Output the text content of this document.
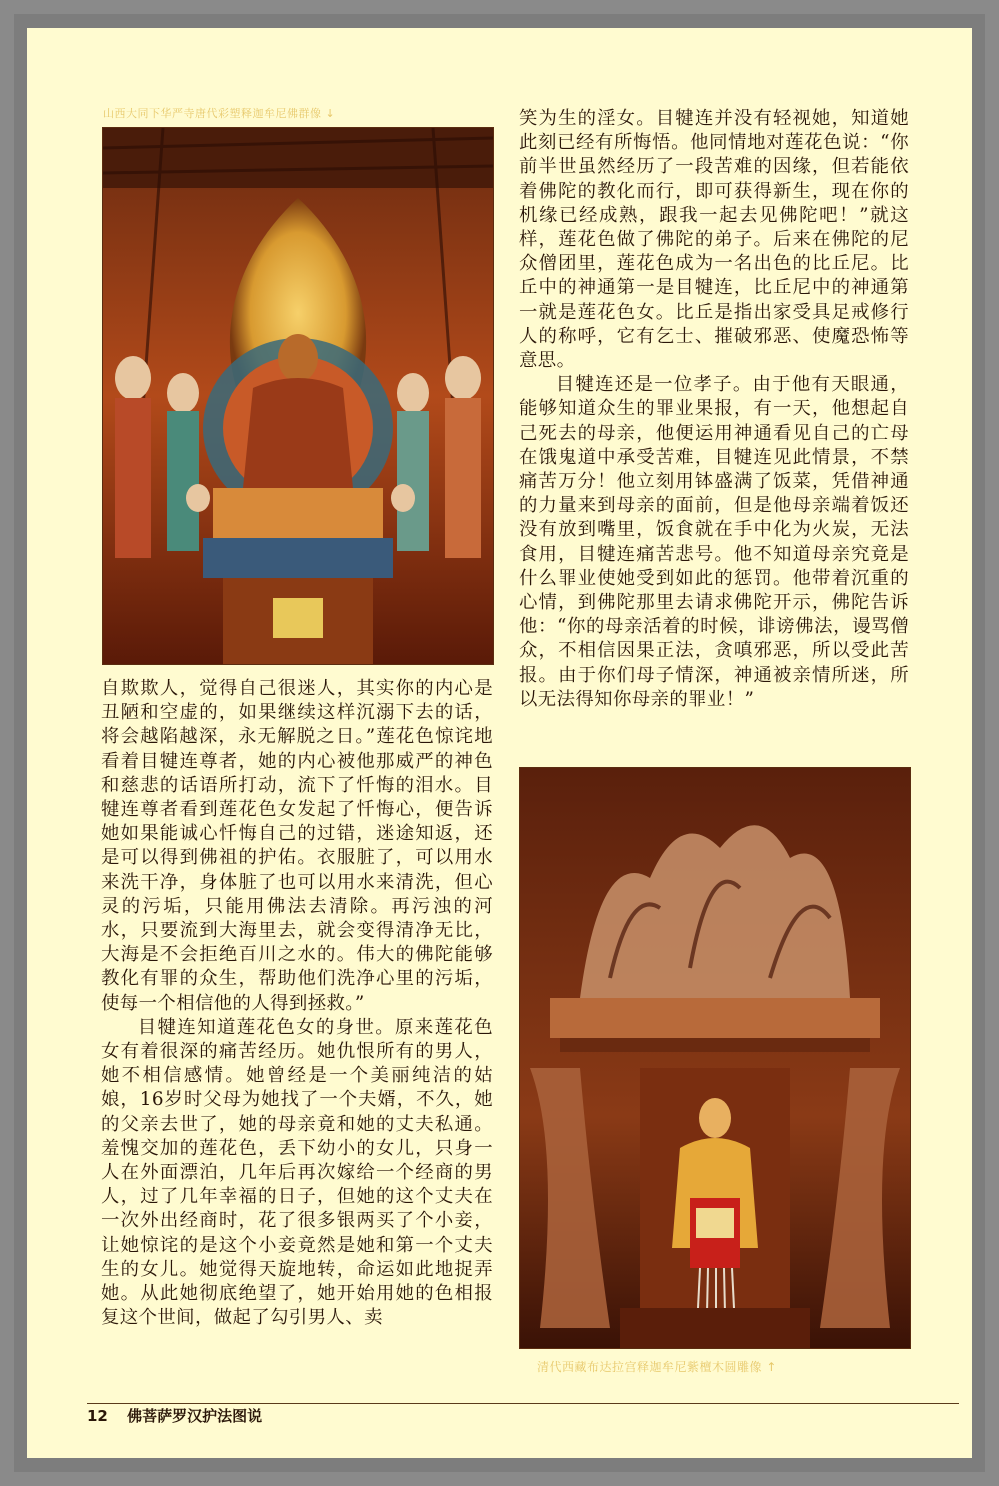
山西大同下华严寺唐代彩塑释迦牟尼佛群像 ↓
清代西藏布达拉宫释迦牟尼紫檀木圆雕像 ↑

自欺欺人，觉得自己很迷人，其实你的内心是丑陋和空虚的，如果继续这样沉溺下去的话，将会越陷越深，永无解脱之日。”莲花色惊诧地看着目犍连尊者，她的内心被他那威严的神色和慈悲的话语所打动，流下了忏悔的泪水。目犍连尊者看到莲花色女发起了忏悔心，便告诉她如果能诚心忏悔自己的过错，迷途知返，还是可以得到佛祖的护佑。衣服脏了，可以用水来洗干净，身体脏了也可以用水来清洗，但心灵的污垢，只能用佛法去清除。再污浊的河水，只要流到大海里去，就会变得清净无比，大海是不会拒绝百川之水的。伟大的佛陀能够教化有罪的众生，帮助他们洗净心里的污垢，使每一个相信他的人得到拯救。”

目犍连知道莲花色女的身世。原来莲花色女有着很深的痛苦经历。她仇恨所有的男人，她不相信感情。她曾经是一个美丽纯洁的姑娘，16岁时父母为她找了一个夫婿，不久，她的父亲去世了，她的母亲竟和她的丈夫私通。羞愧交加的莲花色，丢下幼小的女儿，只身一人在外面漂泊，几年后再次嫁给一个经商的男人，过了几年幸福的日子，但她的这个丈夫在一次外出经商时，花了很多银两买了个小妾，让她惊诧的是这个小妾竟然是她和第一个丈夫生的女儿。她觉得天旋地转，命运如此地捉弄她。从此她彻底绝望了，她开始用她的色相报复这个世间，做起了勾引男人、卖

笑为生的淫女。目犍连并没有轻视她，知道她此刻已经有所悔悟。他同情地对莲花色说：“你前半世虽然经历了一段苦难的因缘，但若能依着佛陀的教化而行，即可获得新生，现在你的机缘已经成熟，跟我一起去见佛陀吧！”就这样，莲花色做了佛陀的弟子。后来在佛陀的尼众僧团里，莲花色成为一名出色的比丘尼。比丘中的神通第一是目犍连，比丘尼中的神通第一就是莲花色女。比丘是指出家受具足戒修行人的称呼，它有乞士、摧破邪恶、使魔恐怖等意思。

目犍连还是一位孝子。由于他有天眼通，能够知道众生的罪业果报，有一天，他想起自己死去的母亲，他便运用神通看见自己的亡母在饿鬼道中承受苦难，目犍连见此情景，不禁痛苦万分！他立刻用钵盛满了饭菜，凭借神通的力量来到母亲的面前，但是他母亲端着饭还没有放到嘴里，饭食就在手中化为火炭，无法食用，目犍连痛苦悲号。他不知道母亲究竟是什么罪业使她受到如此的惩罚。他带着沉重的心情，到佛陀那里去请求佛陀开示，佛陀告诉他：“你的母亲活着的时候，诽谤佛法，谩骂僧众，不相信因果正法，贪嗔邪恶，所以受此苦报。由于你们母子情深，神通被亲情所迷，所以无法得知你母亲的罪业！”

12 佛菩萨罗汉护法图说
